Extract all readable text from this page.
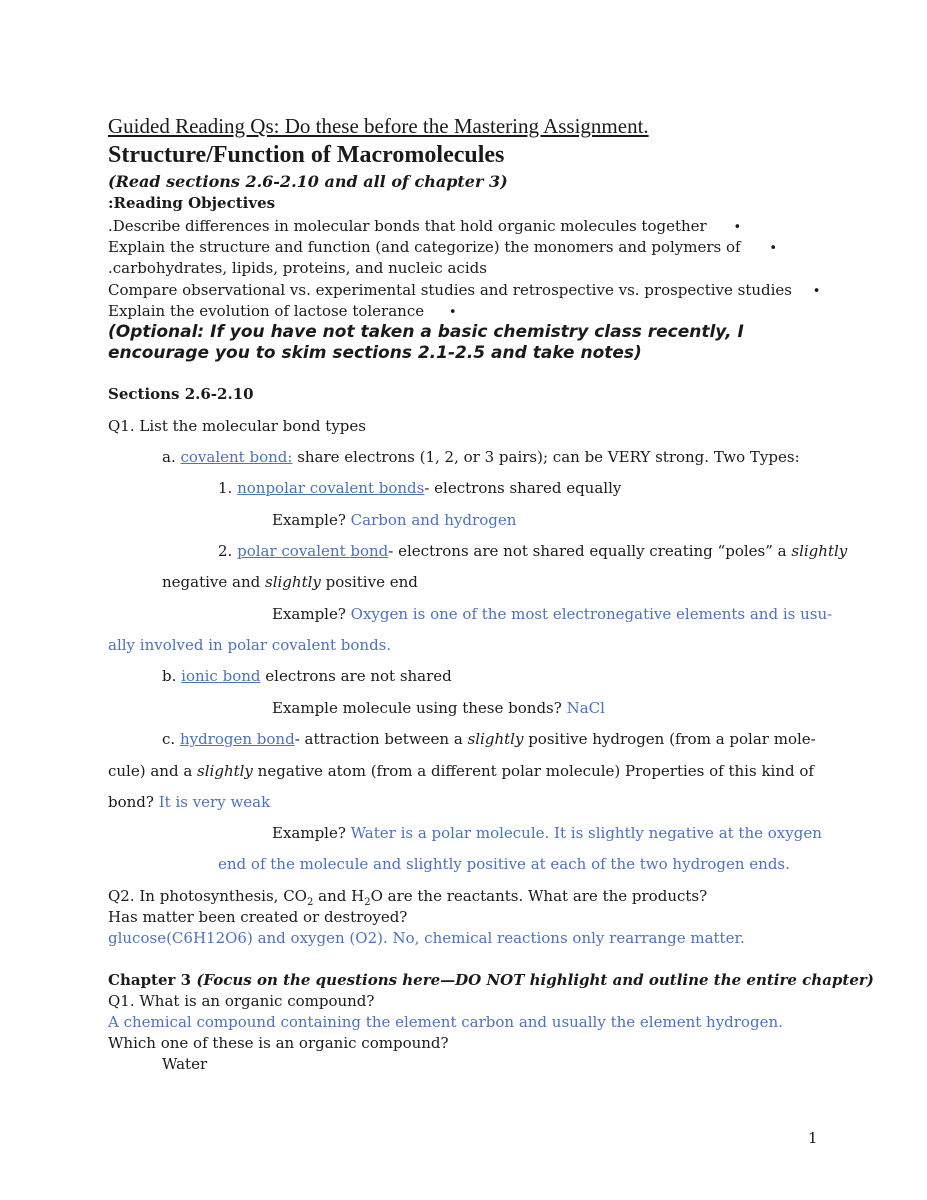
Guided Reading Qs: Do these before the Mastering Assignment.
Structure/Function of Macromolecules
(Read sections 2.6-2.10 and all of chapter 3)
:Reading Objectives
.Describe differences in molecular bonds that hold organic molecules together •
Explain the structure and function (and categorize) the monomers and polymers of •
.carbohydrates, lipids, proteins, and nucleic acids
Compare observational vs. experimental studies and retrospective vs. prospective studies •
Explain the evolution of lactose tolerance •
(Optional: If you have not taken a basic chemistry class recently, I
encourage you to skim sections 2.1-2.5 and take notes)
Sections 2.6-2.10
Q1. List the molecular bond types
a. covalent bond: share electrons (1, 2, or 3 pairs); can be VERY strong. Two Types:
1. nonpolar covalent bonds- electrons shared equally
Example? Carbon and hydrogen
2. polar covalent bond- electrons are not shared equally creating “poles” a slightly
negative and slightly positive end
Example? Oxygen is one of the most electronegative elements and is usu-
ally involved in polar covalent bonds.
b. ionic bond electrons are not shared
Example molecule using these bonds? NaCl
c. hydrogen bond- attraction between a slightly positive hydrogen (from a polar mole-
cule) and a slightly negative atom (from a different polar molecule) Properties of this kind of
bond? It is very weak
Example? Water is a polar molecule. It is slightly negative at the oxygen
end of the molecule and slightly positive at each of the two hydrogen ends.
Q2. In photosynthesis, $CO_2$ and $H_2O$ are the reactants. What are the products?
Has matter been created or destroyed?
glucose(C6H12O6) and oxygen (O2). No, chemical reactions only rearrange matter.
Chapter 3 (Focus on the questions here—DO NOT highlight and outline the entire chapter)
Q1. What is an organic compound?
A chemical compound containing the element carbon and usually the element hydrogen.
Which one of these is an organic compound?
Water
1
